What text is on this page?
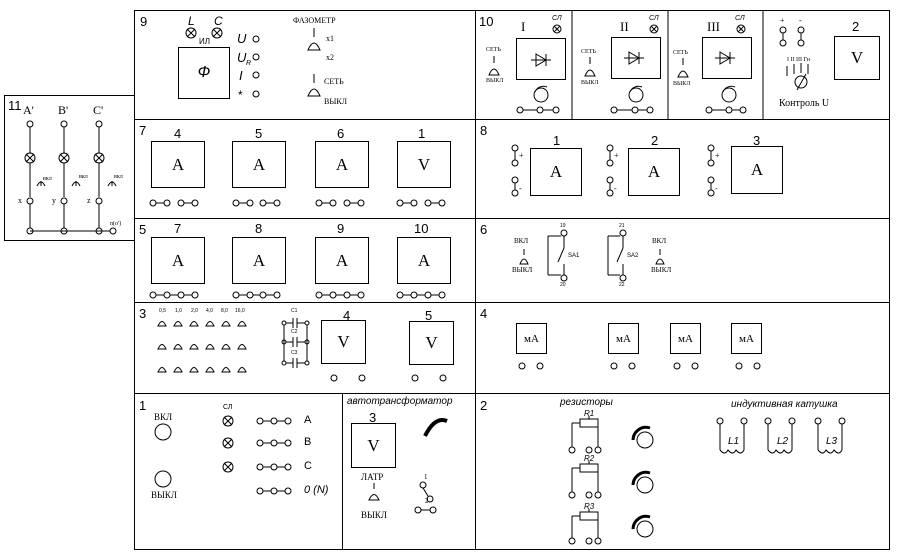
11 A' B' C'
вкл	вкл	вкл
x	y	z
n(o')
9	L C
ИЛ
Ф
U
U R
I
*
ФАЗОМЕТР
x1
x2
СЕТЬ
ВЫКЛ
10 I
СЛ
СЕТЬ
ВЫКЛ
II
СЛ
СЕТЬ
ВЫКЛ
III
СЛ
СЕТЬ
ВЫКЛ
+ -	2
V
I II III Гн
Контроль U
7 4
A
5
A
6
A
1
V
8
1
A
2
A
3
A
+
-
+
-
+
-
5 7
A
8
A
9
A
10
A
6
ВКЛ
ВЫКЛ
19
SA1
20
21
SA2
22
ВКЛ
ВЫКЛ
3	0,5 1,0 2,0 4,0 8,0 16,0	C1
C2
C3
4
V
5
V
4
мА	мА	мА	мА
1
ВКЛ
ВЫКЛ
СЛ
A
B
C
0 (N)
автотрансформатор
3
V
ЛАТР
ВЫКЛ
1
2
2	резисторы	индуктивная катушка
R1
R2
R3
L1	L2	L3
